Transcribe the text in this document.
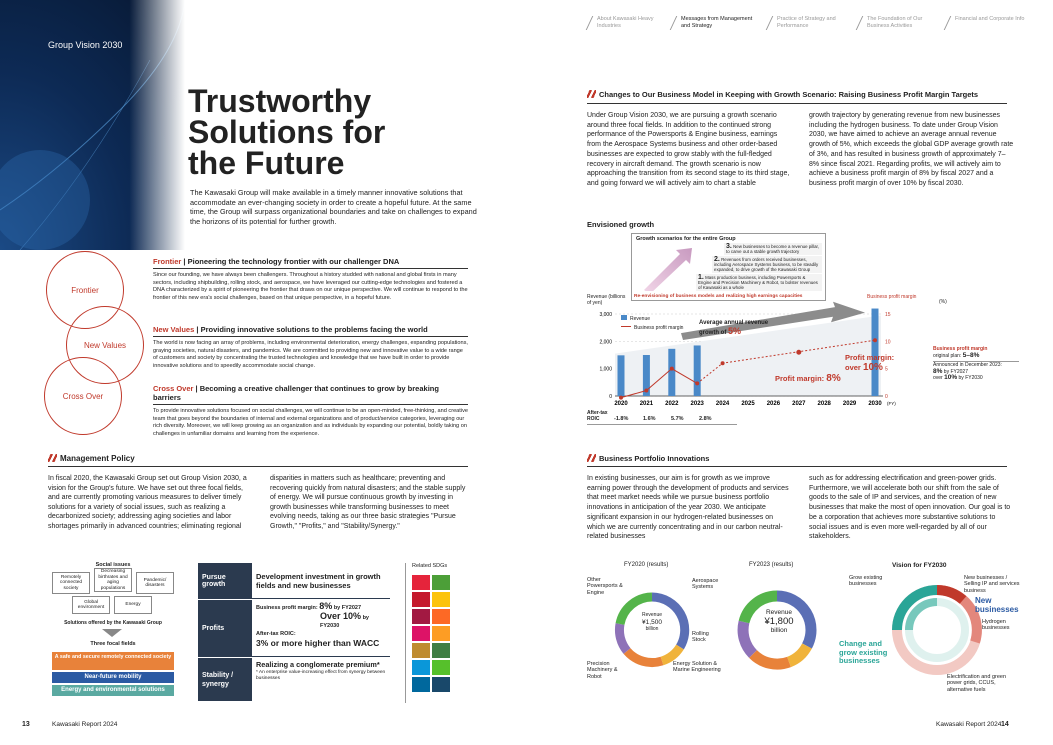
Group Vision 2030
Trustworthy
Solutions for
the Future
The Kawasaki Group will make available in a timely manner innovative solutions that accommodate an ever-changing society in order to create a hopeful future. At the same time, the Group will surpass organizational boundaries and take on challenges to expand the horizons of its potential for further growth.
Frontier
New Values
Cross Over
Frontier | Pioneering the technology frontier with our challenger DNA
Since our founding, we have always been challengers. Throughout a history studded with national and global firsts in many sectors, including shipbuilding, rolling stock, and aerospace, we have leveraged our cutting-edge technologies and fostered a DNA characterized by a spirit of pioneering the frontier that draws on our unique perspective. We will continue to respond to the frontier of this new era's social challenges, based on that unique perspective, in a hopeful future.
New Values | Providing innovative solutions to the problems facing the world
The world is now facing an array of problems, including environmental deterioration, energy challenges, expanding populations, graying societies, natural disasters, and pandemics. We are committed to providing new and innovative value to a wide range of customers and society by concentrating the trusted technologies and knowledge that we have built in order to provide innovative solutions and to speedily accommodate social change.
Cross Over | Becoming a creative challenger that continues to grow by breaking barriers
To provide innovative solutions focused on social challenges, we will continue to be an open-minded, free-thinking, and creative team that goes beyond the boundaries of internal and external organizations and of product/service categories, leveraging our rich diversity. Moreover, we will keep growing as an organization and as individuals by expanding our potential, boldly taking on challenges in unfamiliar domains and learning from the experience.
Management Policy
In fiscal 2020, the Kawasaki Group set out Group Vision 2030, a vision for the Group's future. We have set out three focal fields, and are currently promoting various measures to deliver timely solutions for a variety of social issues, such as realizing a decarbonized society; addressing aging societies and labor shortages primarily in advanced countries; eliminating regional
disparities in matters such as healthcare; preventing and recovering quickly from natural disasters; and the stable supply of energy. We will pursue continuous growth by investing in growth businesses while transforming businesses to meet evolving needs, taking as our three basic strategies "Pursue Growth," "Profits," and "Stability/Synergy."
Social issues
Remotely connected society
Decreasing birthrates and aging populations
Pandemic/ disasters
Global environment
Energy
Solutions offered by the Kawasaki Group
Three focal fields
A safe and secure remotely connected society
Near-future mobility
Energy and environmental solutions
Pursue growth
Development investment in growth fields and new businesses
Profits
Business profit margin: 8% by FY2027
Over 10% by FY2030
After-tax ROIC:
3% or more higher than WACC
Stability / synergy
Realizing a conglomerate premium*
* An enterprise value-increasing effect from synergy between businesses
Related SDGs
13	Kawasaki Report 2024
About Kawasaki Heavy Industries
Messages from Management and Strategy
Practice of Strategy and Performance
The Foundation of Our Business Activities
Financial and Corporate Info
Changes to Our Business Model in Keeping with Growth Scenario: Raising Business Profit Margin Targets
Under Group Vision 2030, we are pursuing a growth scenario around three focal fields. In addition to the continued strong performance of the Powersports & Engine business, earnings from the Aerospace Systems business and other order-based businesses are expected to grow stably with the full-fledged recovery in aircraft demand. The growth scenario is now approaching the transition from its second stage to its third stage, and going forward we will actively aim to chart a stable
growth trajectory by generating revenue from new businesses including the hydrogen business. To date under Group Vision 2030, we have aimed to achieve an average annual revenue growth of 5%, which exceeds the global GDP average growth rate of 3%, and has resulted in business growth of approximately 7–8% since fiscal 2021. Regarding profits, we will actively aim to achieve a business profit margin of 8% by fiscal 2027 and a business profit margin of over 10% by fiscal 2030.
Envisioned growth
Growth scenarios for the entire Group
3. New businesses to become a revenue pillar, to carve out a stable growth trajectory
2. Revenues from orders received businesses, including Aerospace Systems business, to be steadily expanded, to drive growth of the Kawasaki Group
1. Mass production business, including Powersports & Engine and Precision Machinery & Robot, to bolster revenues of Kawasaki as a whole
Re-envisioning of business models and realizing high earnings capacities
2020 2021 2022 2023 2024 2025 2026 2027 2028 2029 2030 (FY)
0
1,000
2,000
3,000
0
5
10
15
Revenue (billions of yen)
Revenue
Business profit margin
Average annual revenue growth of 5%
Profit margin: 8%
Profit margin: over 10%
Business profit margin
(%)
Business profit margin
original plan: 5–8%
Announced in December 2023:
8% by FY2027
over 10% by FY2030
After-tax ROIC	-1.8%	1.6%	5.7%	2.8%
Business Portfolio Innovations
In existing businesses, our aim is for growth as we improve earning power through the development of products and services that meet market needs while we pursue business portfolio innovations in anticipation of the year 2030. We anticipate significant expansion in our hydrogen-related businesses on which we are currently concentrating and in our carbon neutral-related businesses
such as for addressing electrification and green-power grids. Furthermore, we will accelerate both our shift from the sale of goods to the sale of IP and services, and the creation of new businesses that make the most of open innovation. Our goal is to be a corporation that achieves more substantive solutions to social issues and is even more well-regarded by all of our stakeholders.
FY2020 (results)	FY2023 (results)	Vision for FY2030
Revenue
¥1,500
billion
Revenue
¥1,800
billion
Other Powersports & Engine
Aerospace Systems
Rolling Stock
Energy Solution & Marine Engineering
Precision Machinery & Robot
Grow existing businesses
New businesses / Selling IP and services business
New businesses
Hydrogen businesses
Change and grow existing businesses
Electrification and green power grids, CCUS, alternative fuels
Kawasaki Report 2024 14
